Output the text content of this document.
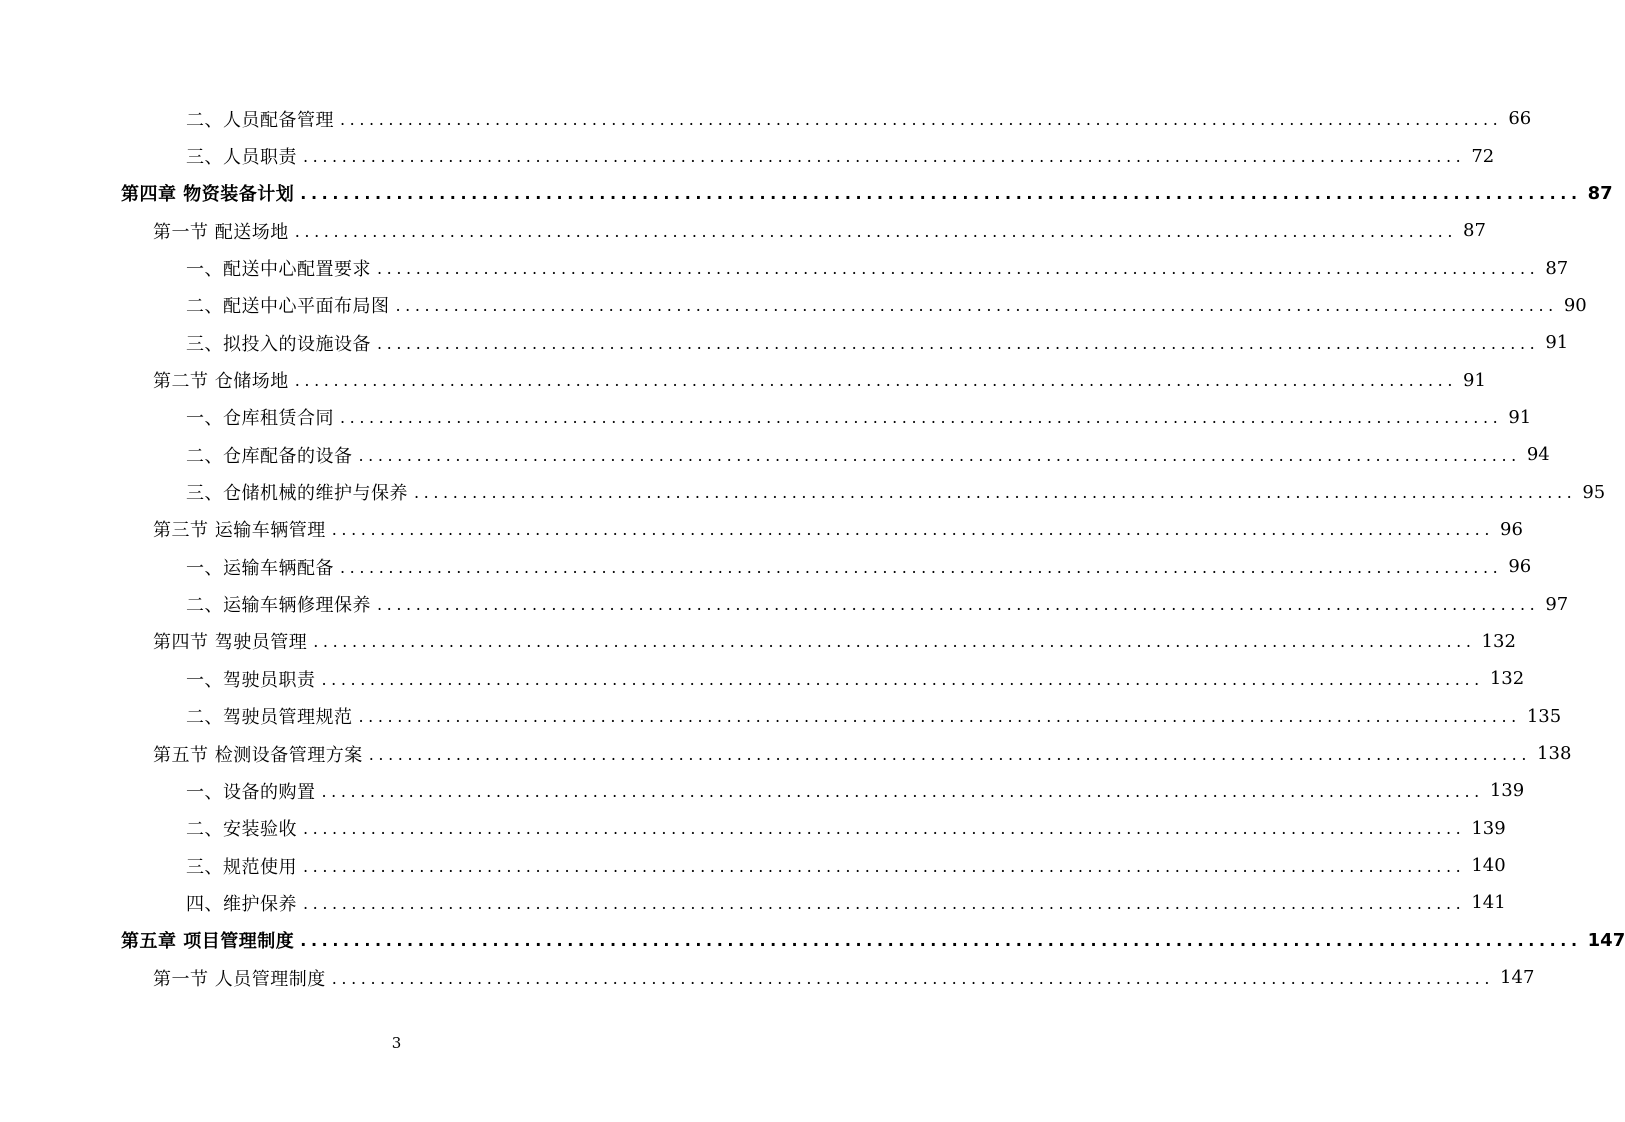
二、人员配备管理 ........................................................................................................................ 66
三、人员职责 ........................................................................................................................ 72
第四章 物资装备计划 ........................................................................................................................ 87
第一节 配送场地 ........................................................................................................................ 87
一、配送中心配置要求 ........................................................................................................................ 87
二、配送中心平面布局图 ........................................................................................................................ 90
三、拟投入的设施设备 ........................................................................................................................ 91
第二节 仓储场地 ........................................................................................................................ 91
一、仓库租赁合同 ........................................................................................................................ 91
二、仓库配备的设备 ........................................................................................................................ 94
三、仓储机械的维护与保养 ........................................................................................................................ 95
第三节 运输车辆管理 ........................................................................................................................ 96
一、运输车辆配备 ........................................................................................................................ 96
二、运输车辆修理保养 ........................................................................................................................ 97
第四节 驾驶员管理 ........................................................................................................................ 132
一、驾驶员职责 ........................................................................................................................ 132
二、驾驶员管理规范 ........................................................................................................................ 135
第五节 检测设备管理方案 ........................................................................................................................ 138
一、设备的购置 ........................................................................................................................ 139
二、安装验收 ........................................................................................................................ 139
三、规范使用 ........................................................................................................................ 140
四、维护保养 ........................................................................................................................ 141
第五章 项目管理制度 ........................................................................................................................ 147
第一节 人员管理制度 ........................................................................................................................ 147
3
